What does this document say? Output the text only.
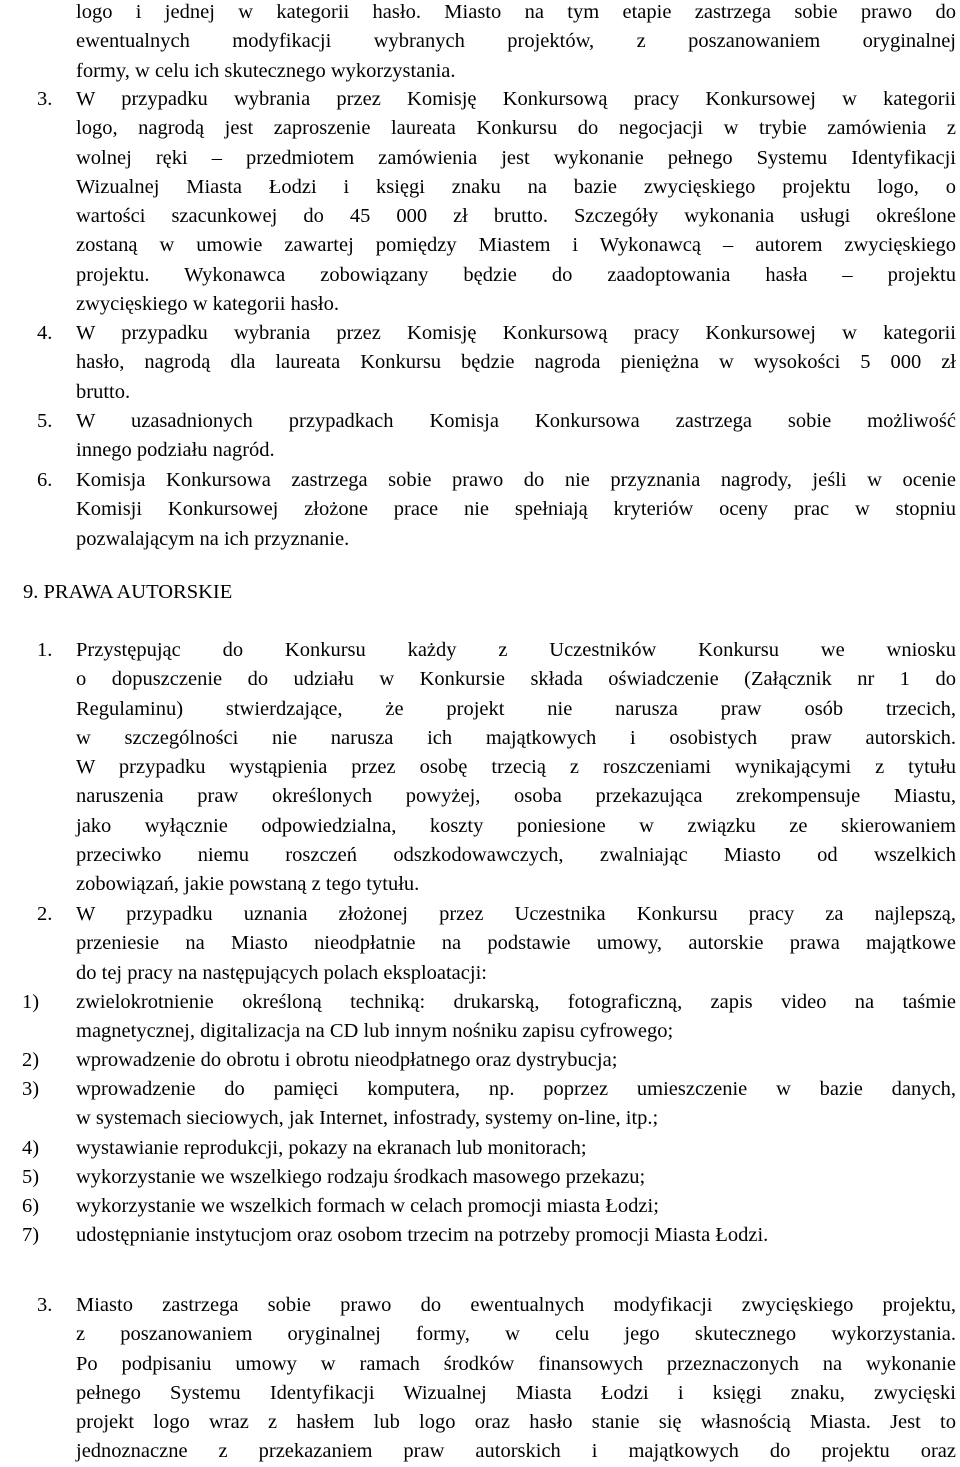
logo i jednej w kategorii hasło. Miasto na tym etapie zastrzega sobie prawo do

ewentualnych modyfikacji wybranych projektów, z poszanowaniem oryginalnej

formy, w celu ich skutecznego wykorzystania.

3. W przypadku wybrania przez Komisję Konkursową pracy Konkursowej w kategorii

logo, nagrodą jest zaproszenie laureata Konkursu do negocjacji w trybie zamówienia z

wolnej ręki – przedmiotem zamówienia jest wykonanie pełnego Systemu Identyfikacji

Wizualnej Miasta Łodzi i księgi znaku na bazie zwycięskiego projektu logo, o

wartości szacunkowej do 45 000 zł brutto. Szczegóły wykonania usługi określone

zostaną w umowie zawartej pomiędzy Miastem i Wykonawcą – autorem zwycięskiego

projektu. Wykonawca zobowiązany będzie do zaadoptowania hasła – projektu

zwycięskiego w kategorii hasło.

4. W przypadku wybrania przez Komisję Konkursową pracy Konkursowej w kategorii

hasło, nagrodą dla laureata Konkursu będzie nagroda pieniężna w wysokości 5 000 zł

brutto.

5. W uzasadnionych przypadkach Komisja Konkursowa zastrzega sobie możliwość

innego podziału nagród.

6. Komisja Konkursowa zastrzega sobie prawo do nie przyznania nagrody, jeśli w ocenie

Komisji Konkursowej złożone prace nie spełniają kryteriów oceny prac w stopniu

pozwalającym na ich przyznanie.

9. PRAWA AUTORSKIE
1. Przystępując do Konkursu każdy z Uczestników Konkursu we wniosku

o dopuszczenie do udziału w Konkursie składa oświadczenie (Załącznik nr 1 do

Regulaminu) stwierdzające, że projekt nie narusza praw osób trzecich,

w szczególności nie narusza ich majątkowych i osobistych praw autorskich.

W przypadku wystąpienia przez osobę trzecią z roszczeniami wynikającymi z tytułu

naruszenia praw określonych powyżej, osoba przekazująca zrekompensuje Miastu,

jako wyłącznie odpowiedzialna, koszty poniesione w związku ze skierowaniem

przeciwko niemu roszczeń odszkodowawczych, zwalniając Miasto od wszelkich

zobowiązań, jakie powstaną z tego tytułu.

2. W przypadku uznania złożonej przez Uczestnika Konkursu pracy za najlepszą,

przeniesie na Miasto nieodpłatnie na podstawie umowy, autorskie prawa majątkowe

do tej pracy na następujących polach eksploatacji:

1) zwielokrotnienie określoną techniką: drukarską, fotograficzną, zapis video na taśmie

magnetycznej, digitalizacja na CD lub innym nośniku zapisu cyfrowego;

2) wprowadzenie do obrotu i obrotu nieodpłatnego oraz dystrybucja;

3) wprowadzenie do pamięci komputera, np. poprzez umieszczenie w bazie danych,

w systemach sieciowych, jak Internet, infostrady, systemy on-line, itp.;

4) wystawianie reprodukcji, pokazy na ekranach lub monitorach;

5) wykorzystanie we wszelkiego rodzaju środkach masowego przekazu;

6) wykorzystanie we wszelkich formach w celach promocji miasta Łodzi;

7) udostępnianie instytucjom oraz osobom trzecim na potrzeby promocji Miasta Łodzi.

3. Miasto zastrzega sobie prawo do ewentualnych modyfikacji zwycięskiego projektu,

z poszanowaniem oryginalnej formy, w celu jego skutecznego wykorzystania.

Po podpisaniu umowy w ramach środków finansowych przeznaczonych na wykonanie

pełnego Systemu Identyfikacji Wizualnej Miasta Łodzi i księgi znaku, zwycięski

projekt logo wraz z hasłem lub logo oraz hasło stanie się własnością Miasta. Jest to

jednoznaczne z przekazaniem praw autorskich i majątkowych do projektu oraz
